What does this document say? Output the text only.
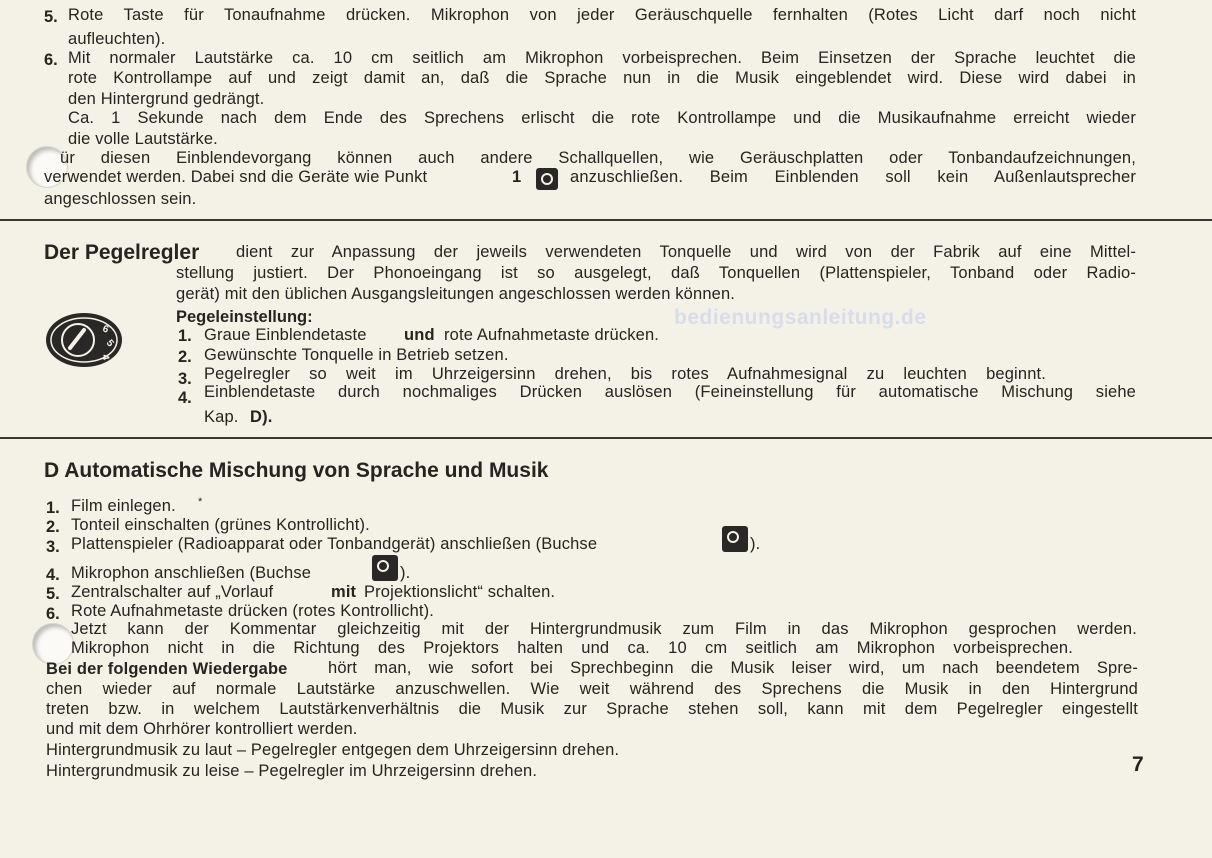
5. Rote Taste für Tonaufnahme drücken. Mikrophon von jeder Geräuschquelle fernhalten (Rotes Licht darf noch nicht
aufleuchten).
6. Mit normaler Lautstärke ca. 10 cm seitlich am Mikrophon vorbeisprechen. Beim Einsetzen der Sprache leuchtet die
rote Kontrollampe auf und zeigt damit an, daß die Sprache nun in die Musik eingeblendet wird. Diese wird dabei in
den Hintergrund gedrängt.
Ca. 1 Sekunde nach dem Ende des Sprechens erlischt die rote Kontrollampe und die Musikaufnahme erreicht wieder
die volle Lautstärke.
ür diesen Einblendevorgang können auch andere Schallquellen, wie Geräuschplatten oder Tonbandaufzeichnungen,
verwendet werden. Dabei snd die Geräte wie Punkt	1	anzuschließen. Beim Einblenden soll kein Außenlautsprecher
angeschlossen sein.
Der Pegelregler dient zur Anpassung der jeweils verwendeten Tonquelle und wird von der Fabrik auf eine Mittel-
stellung justiert. Der Phonoeingang ist so ausgelegt, daß Tonquellen (Plattenspieler, Tonband oder Radio-
gerät) mit den üblichen Ausgangsleitungen angeschlossen werden können.
Pegeleinstellung:
1. Graue Einblendetaste und rote Aufnahmetaste drücken.
2. Gewünschte Tonquelle in Betrieb setzen.
3. Pegelregler so weit im Uhrzeigersinn drehen, bis rotes Aufnahmesignal zu leuchten beginnt.
4. Einblendetaste durch nochmaliges Drücken auslösen (Feineinstellung für automatische Mischung siehe
Kap. D).
6
5
4
bedienungsanleitung.de
D Automatische Mischung von Sprache und Musik
1. Film einlegen. *
2. Tonteil einschalten (grünes Kontrollicht).
3. Plattenspieler (Radioapparat oder Tonbandgerät) anschließen (Buchse	).
4. Mikrophon anschließen (Buchse	).
5. Zentralschalter auf „Vorlauf	mit Projektionslicht“ schalten.
6. Rote Aufnahmetaste drücken (rotes Kontrollicht).
Jetzt kann der Kommentar gleichzeitig mit der Hintergrundmusik zum Film in das Mikrophon gesprochen werden.
Mikrophon nicht in die Richtung des Projektors halten und ca. 10 cm seitlich am Mikrophon vorbeisprechen.
Bei der folgenden Wiedergabe hört man, wie sofort bei Sprechbeginn die Musik leiser wird, um nach beendetem Spre-
chen wieder auf normale Lautstärke anzuschwellen. Wie weit während des Sprechens die Musik in den Hintergrund
treten bzw. in welchem Lautstärkenverhältnis die Musik zur Sprache stehen soll, kann mit dem Pegelregler eingestellt
und mit dem Ohrhörer kontrolliert werden.
Hintergrundmusik zu laut – Pegelregler entgegen dem Uhrzeigersinn drehen.
Hintergrundmusik zu leise – Pegelregler im Uhrzeigersinn drehen.	7
